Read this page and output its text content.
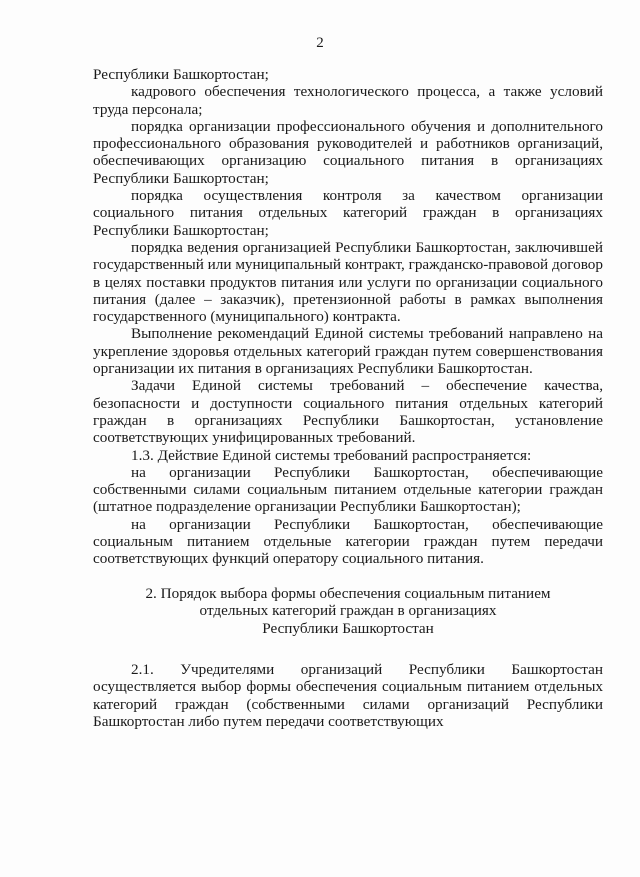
2

Республики Башкортостан;

кадрового обеспечения технологического процесса, а также условий труда персонала;

порядка организации профессионального обучения и дополнительного профессионального образования руководителей и работников организаций, обеспечивающих организацию социального питания в организациях Республики Башкортостан;

порядка осуществления контроля за качеством организации социального питания отдельных категорий граждан в организациях Республики Башкортостан;

порядка ведения организацией Республики Башкортостан, заключившей государственный или муниципальный контракт, гражданско-правовой договор в целях поставки продуктов питания или услуги по организации социального питания (далее – заказчик), претензионной работы в рамках выполнения государственного (муниципального) контракта.

Выполнение рекомендаций Единой системы требований направлено на укрепление здоровья отдельных категорий граждан путем совершенствования организации их питания в организациях Республики Башкортостан.

Задачи Единой системы требований – обеспечение качества, безопасности и доступности социального питания отдельных категорий граждан в организациях Республики Башкортостан, установление соответствующих унифицированных требований.

1.3. Действие Единой системы требований распространяется:

на организации Республики Башкортостан, обеспечивающие собственными силами социальным питанием отдельные категории граждан (штатное подразделение организации Республики Башкортостан);

на организации Республики Башкортостан, обеспечивающие социальным питанием отдельные категории граждан путем передачи соответствующих функций оператору социального питания.

2. Порядок выбора формы обеспечения социальным питанием
отдельных категорий граждан в организациях
Республики Башкортостан

2.1. Учредителями организаций Республики Башкортостан осуществляется выбор формы обеспечения социальным питанием отдельных категорий граждан (собственными силами организаций Республики Башкортостан либо путем передачи соответствующих
